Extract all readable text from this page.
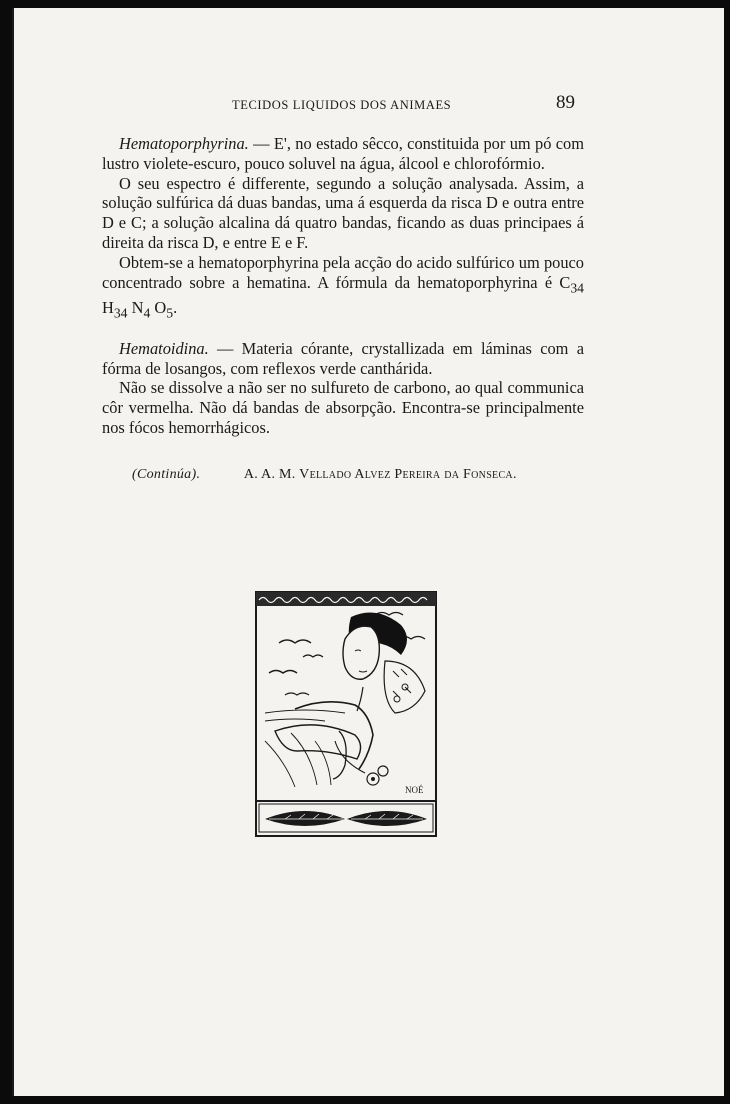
TECIDOS LIQUIDOS DOS ANIMAES	89

Hematoporphyrina. — E', no estado sêcco, constituida por um pó com lustro violete-escuro, pouco soluvel na água, álcool e chlorofórmio.

O seu espectro é differente, segundo a solução analysada. Assim, a solução sulfúrica dá duas bandas, uma á esquerda da risca D e outra entre D e C; a solução alcalina dá quatro bandas, ficando as duas principaes á direita da risca D, e entre E e F.

Obtem-se a hematoporphyrina pela acção do acido sulfúrico um pouco concentrado sobre a hematina. A fórmula da hematoporphyrina é $C_{34}$ $H_{34}$ $N_4$ $O_5$.

Hematoidina. — Materia córante, crystallizada em láminas com a fórma de losangos, com reflexos verde canthárida.

Não se dissolve a não ser no sulfureto de carbono, ao qual communica côr vermelha. Não dá bandas de absorpção. Encontra-se principalmente nos fócos hemorrhágicos.

(Continúa).	A. A. M. Vellado Alvez Pereira da Fonseca.
NOÉ
